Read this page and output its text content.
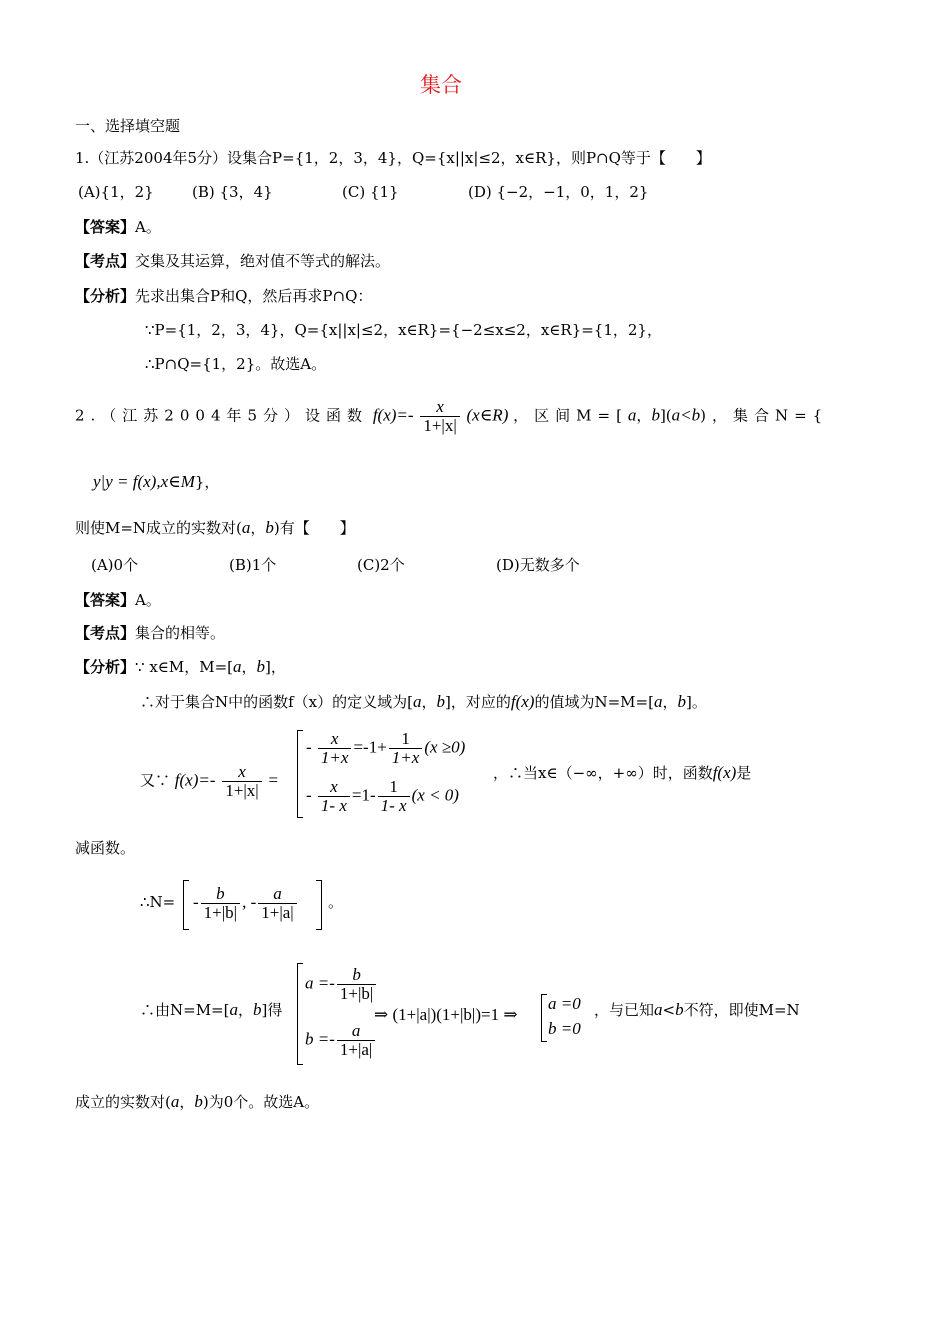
集合
一、选择填空题
1.（江苏2004年5分）设集合P={1，2，3，4}，Q={x||x|≤2，x∈R}，则P∩Q等于【　　】
(A){1，2}	(B) {3，4}	(C) {1}	(D) {−2，−1，0，1，2}
【答案】A。
【考点】交集及其运算，绝对值不等式的解法。
【分析】先求出集合P和Q，然后再求P∩Q：
∵P={1，2，3，4}，Q={x||x|≤2，x∈R}={−2≤x≤2，x∈R}={1，2}，
∴P∩Q={1，2}。故选A。
2.（江苏2004年5分）设函数 $f(x)=- \frac{x}{1+|x|}$ (x∈R) ，区间M=[a，b](a<b)，集合N={
y|y = f(x),x∈M}，
则使M=N成立的实数对(a，b)有【　　】
(A)0个	(B)1个	(C)2个	(D)无数多个
【答案】A。
【考点】集合的相等。
【分析】∵ x∈M，M=[a，b]，
∴对于集合N中的函数f（x）的定义域为[a，b]，对应的f(x)的值域为N=M=[a，b]。
又∵ $f(x)=- \frac{x}{1+|x|}$ =
- $\frac{x}{1+x} =-1+ \frac{1}{1+x} (x \ge 0)$
- $\frac{x}{1- x} =1- \frac{1}{1- x} (x < 0)$
，∴当x∈（−∞，+∞）时，函数f(x)是
减函数。
∴N= - $\frac{b}{1+|b|}$ , - $\frac{a}{1+|a|}$ 。
∴由N=M=[a，b]得
$a =- \frac{b}{1+|b|}$
$b =- \frac{a}{1+|a|}$
⇒ (1+|a|)(1+|b|)=1 ⇒
a =0
b =0
，与已知a<b不符，即使M=N
成立的实数对(a，b)为0个。故选A。
